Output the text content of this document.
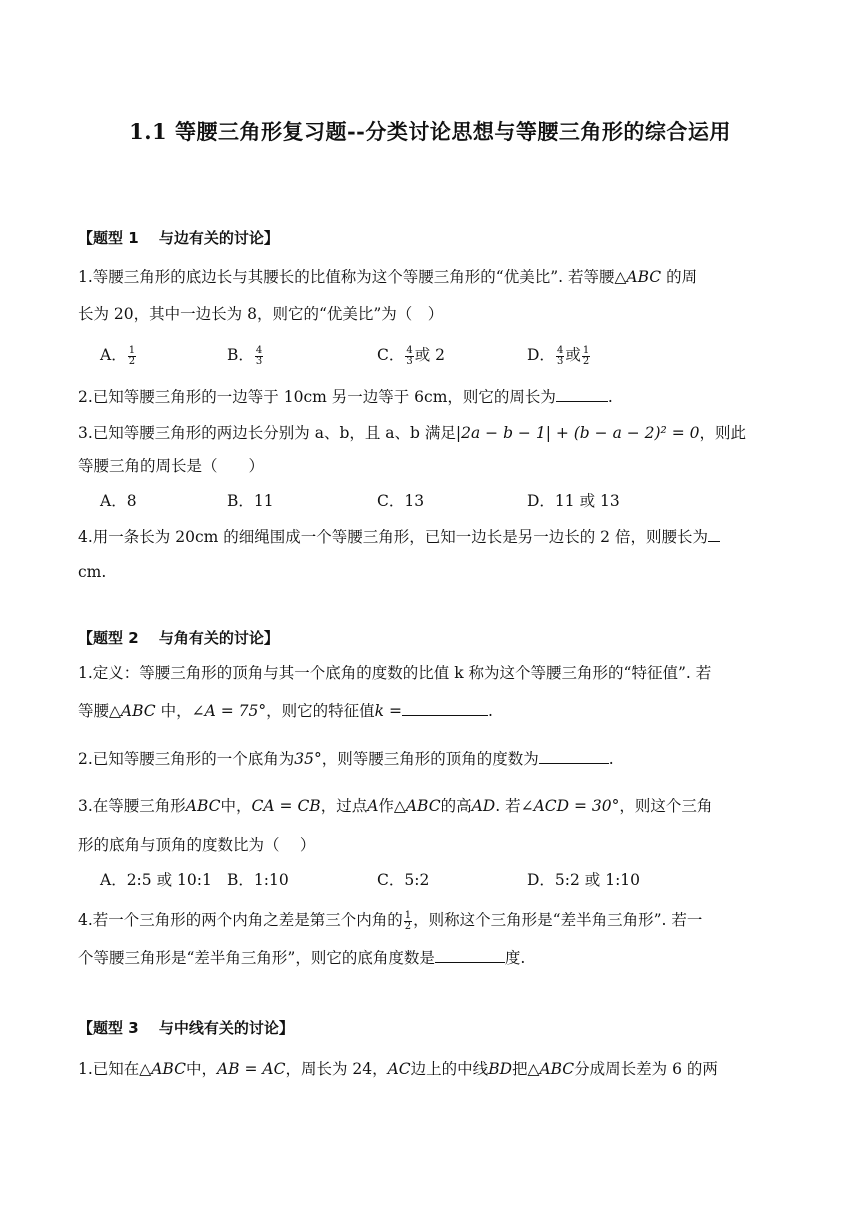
1.1 等腰三角形复习题--分类讨论思想与等腰三角形的综合运用
【题型 1　 与边有关的讨论】
1.等腰三角形的底边长与其腰长的比值称为这个等腰三角形的“优美比”. 若等腰△ABC 的周
长为 20，其中一边长为 8，则它的“优美比”为（　）
A． $\frac{1}{2}$	B． $\frac{4}{3}$	C． $\frac{4}{3}$ 或 2	D． $\frac{4}{3}$ 或 $\frac{1}{2}$
2.已知等腰三角形的一边等于 10cm 另一边等于 6cm，则它的周长为	.
3.已知等腰三角形的两边长分别为 a、b，且 a、b 满足|2a − b − 1| + (b − a − 2)² = 0，则此
等腰三角的周长是（　　）
A．8	B．11	C．13	D．11 或 13
4.用一条长为 20cm 的细绳围成一个等腰三角形，已知一边长是另一边长的 2 倍，则腰长为
cm.
【题型 2　 与角有关的讨论】
1.定义：等腰三角形的顶角与其一个底角的度数的比值 k 称为这个等腰三角形的“特征值”. 若
等腰△ABC 中，∠A = 75°，则它的特征值k =	.
2.已知等腰三角形的一个底角为35°，则等腰三角形的顶角的度数为	.
3.在等腰三角形ABC中，CA = CB，过点A作△ABC的高AD. 若∠ACD = 30°，则这个三角
形的底角与顶角的度数比为（　 ）
A．2:5 或 10:1 B．1:10	C．5:2	D．5:2 或 1:10
4.若一个三角形的两个内角之差是第三个内角的 $\frac{1}{2}$ ，则称这个三角形是“差半角三角形”. 若一
个等腰三角形是“差半角三角形”，则它的底角度数是	度.
【题型 3　 与中线有关的讨论】
1.已知在△ABC中，AB = AC，周长为 24，AC边上的中线BD把△ABC分成周长差为 6 的两
